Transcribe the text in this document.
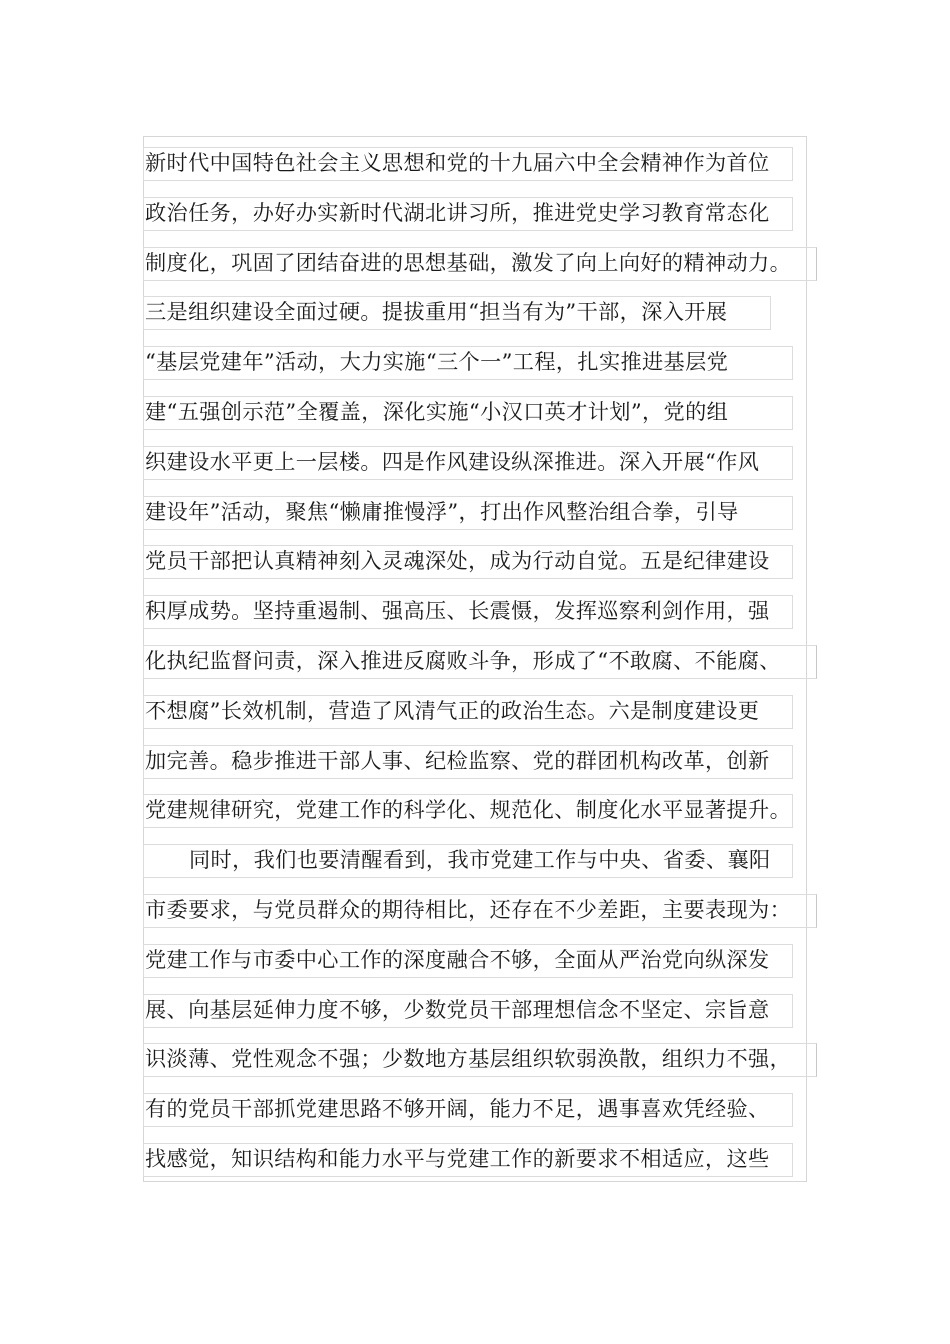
新时代中国特色社会主义思想和党的十九届六中全会精神作为首位
政治任务，办好办实新时代湖北讲习所，推进党史学习教育常态化
制度化，巩固了团结奋进的思想基础，激发了向上向好的精神动力。
三是组织建设全面过硬。提拔重用“担当有为”干部，深入开展
“基层党建年”活动，大力实施“三个一”工程，扎实推进基层党
建“五强创示范”全覆盖，深化实施“小汉口英才计划”，党的组
织建设水平更上一层楼。四是作风建设纵深推进。深入开展“作风
建设年”活动，聚焦“懒庸推慢浮”，打出作风整治组合拳，引导
党员干部把认真精神刻入灵魂深处，成为行动自觉。五是纪律建设
积厚成势。坚持重遏制、强高压、长震慑，发挥巡察利剑作用，强
化执纪监督问责，深入推进反腐败斗争，形成了“不敢腐、不能腐、
不想腐”长效机制，营造了风清气正的政治生态。六是制度建设更
加完善。稳步推进干部人事、纪检监察、党的群团机构改革，创新
党建规律研究，党建工作的科学化、规范化、制度化水平显著提升。
同时，我们也要清醒看到，我市党建工作与中央、省委、襄阳
市委要求，与党员群众的期待相比，还存在不少差距，主要表现为：
党建工作与市委中心工作的深度融合不够，全面从严治党向纵深发
展、向基层延伸力度不够，少数党员干部理想信念不坚定、宗旨意
识淡薄、党性观念不强；少数地方基层组织软弱涣散，组织力不强，
有的党员干部抓党建思路不够开阔，能力不足，遇事喜欢凭经验、
找感觉，知识结构和能力水平与党建工作的新要求不相适应，这些
